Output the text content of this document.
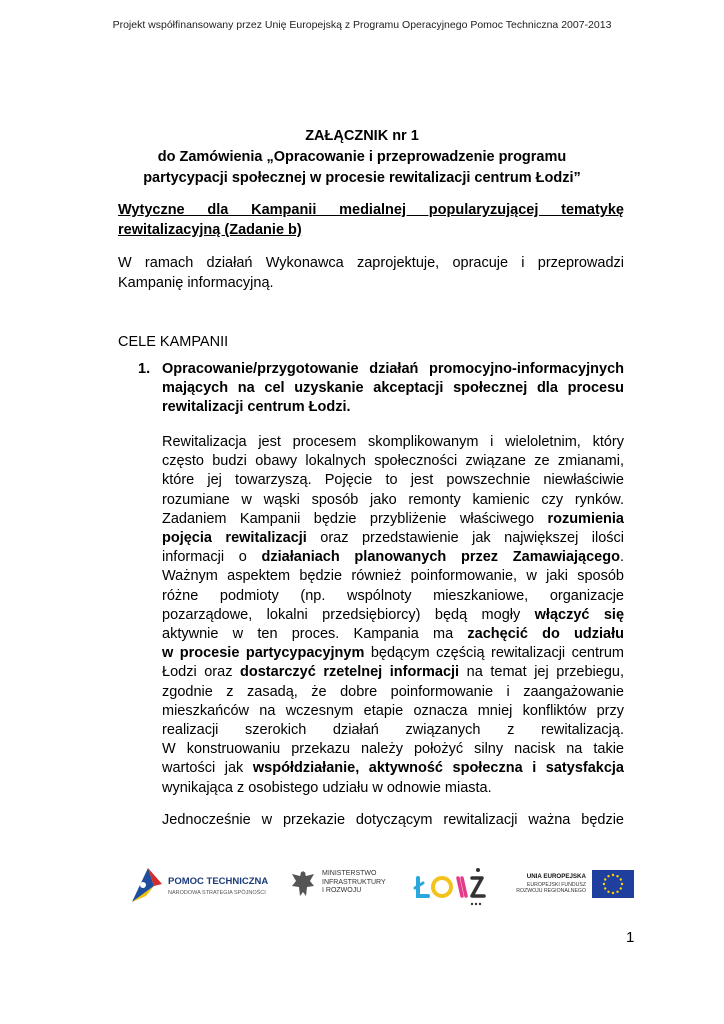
Projekt współfinansowany przez Unię Europejską z Programu Operacyjnego Pomoc Techniczna 2007-2013
ZAŁĄCZNIK nr 1
do Zamówienia „Opracowanie i przeprowadzenie programu
partycypacji społecznej w procesie rewitalizacji centrum Łodzi”
Wytyczne dla Kampanii medialnej popularyzującej tematykę
rewitalizacyjną (Zadanie b)
W ramach działań Wykonawca zaprojektuje, opracuje i przeprowadzi
Kampanię informacyjną.
CELE KAMPANII
1. Opracowanie/przygotowanie działań promocyjno-informacyjnych
mających na cel uzyskanie akceptacji społecznej dla procesu
rewitalizacji centrum Łodzi.
Rewitalizacja jest procesem skomplikowanym i wieloletnim, który
często budzi obawy lokalnych społeczności związane ze zmianami,
które jej towarzyszą. Pojęcie to jest powszechnie niewłaściwie
rozumiane w wąski sposób jako remonty kamienic czy rynków.
Zadaniem Kampanii będzie przybliżenie właściwego rozumienia
pojęcia rewitalizacji oraz przedstawienie jak największej ilości
informacji o działaniach planowanych przez Zamawiającego.
Ważnym aspektem będzie również poinformowanie, w jaki sposób
różne podmioty (np. wspólnoty mieszkaniowe, organizacje
pozarządowe, lokalni przedsiębiorcy) będą mogły włączyć się
aktywnie w ten proces. Kampania ma zachęcić do udziału
w procesie partycypacyjnym będącym częścią rewitalizacji centrum
Łodzi oraz dostarczyć rzetelnej informacji na temat jej przebiegu,
zgodnie z zasadą, że dobre poinformowanie i zaangażowanie
mieszkańców na wczesnym etapie oznacza mniej konfliktów przy
realizacji szerokich działań związanych z rewitalizacją.
W konstruowaniu przekazu należy położyć silny nacisk na takie
wartości jak współdziałanie, aktywność społeczna i satysfakcja
wynikająca z osobistego udziału w odnowie miasta.
Jednocześnie w przekazie dotyczącym rewitalizacji ważna będzie
POMOC TECHNICZNA
NARODOWA STRATEGIA SPÓJNOŚCI
MINISTERSTWO
INFRASTRUKTURY
I ROZWOJU
UNIA EUROPEJSKA
EUROPEJSKI FUNDUSZ
ROZWOJU REGIONALNEGO
1
